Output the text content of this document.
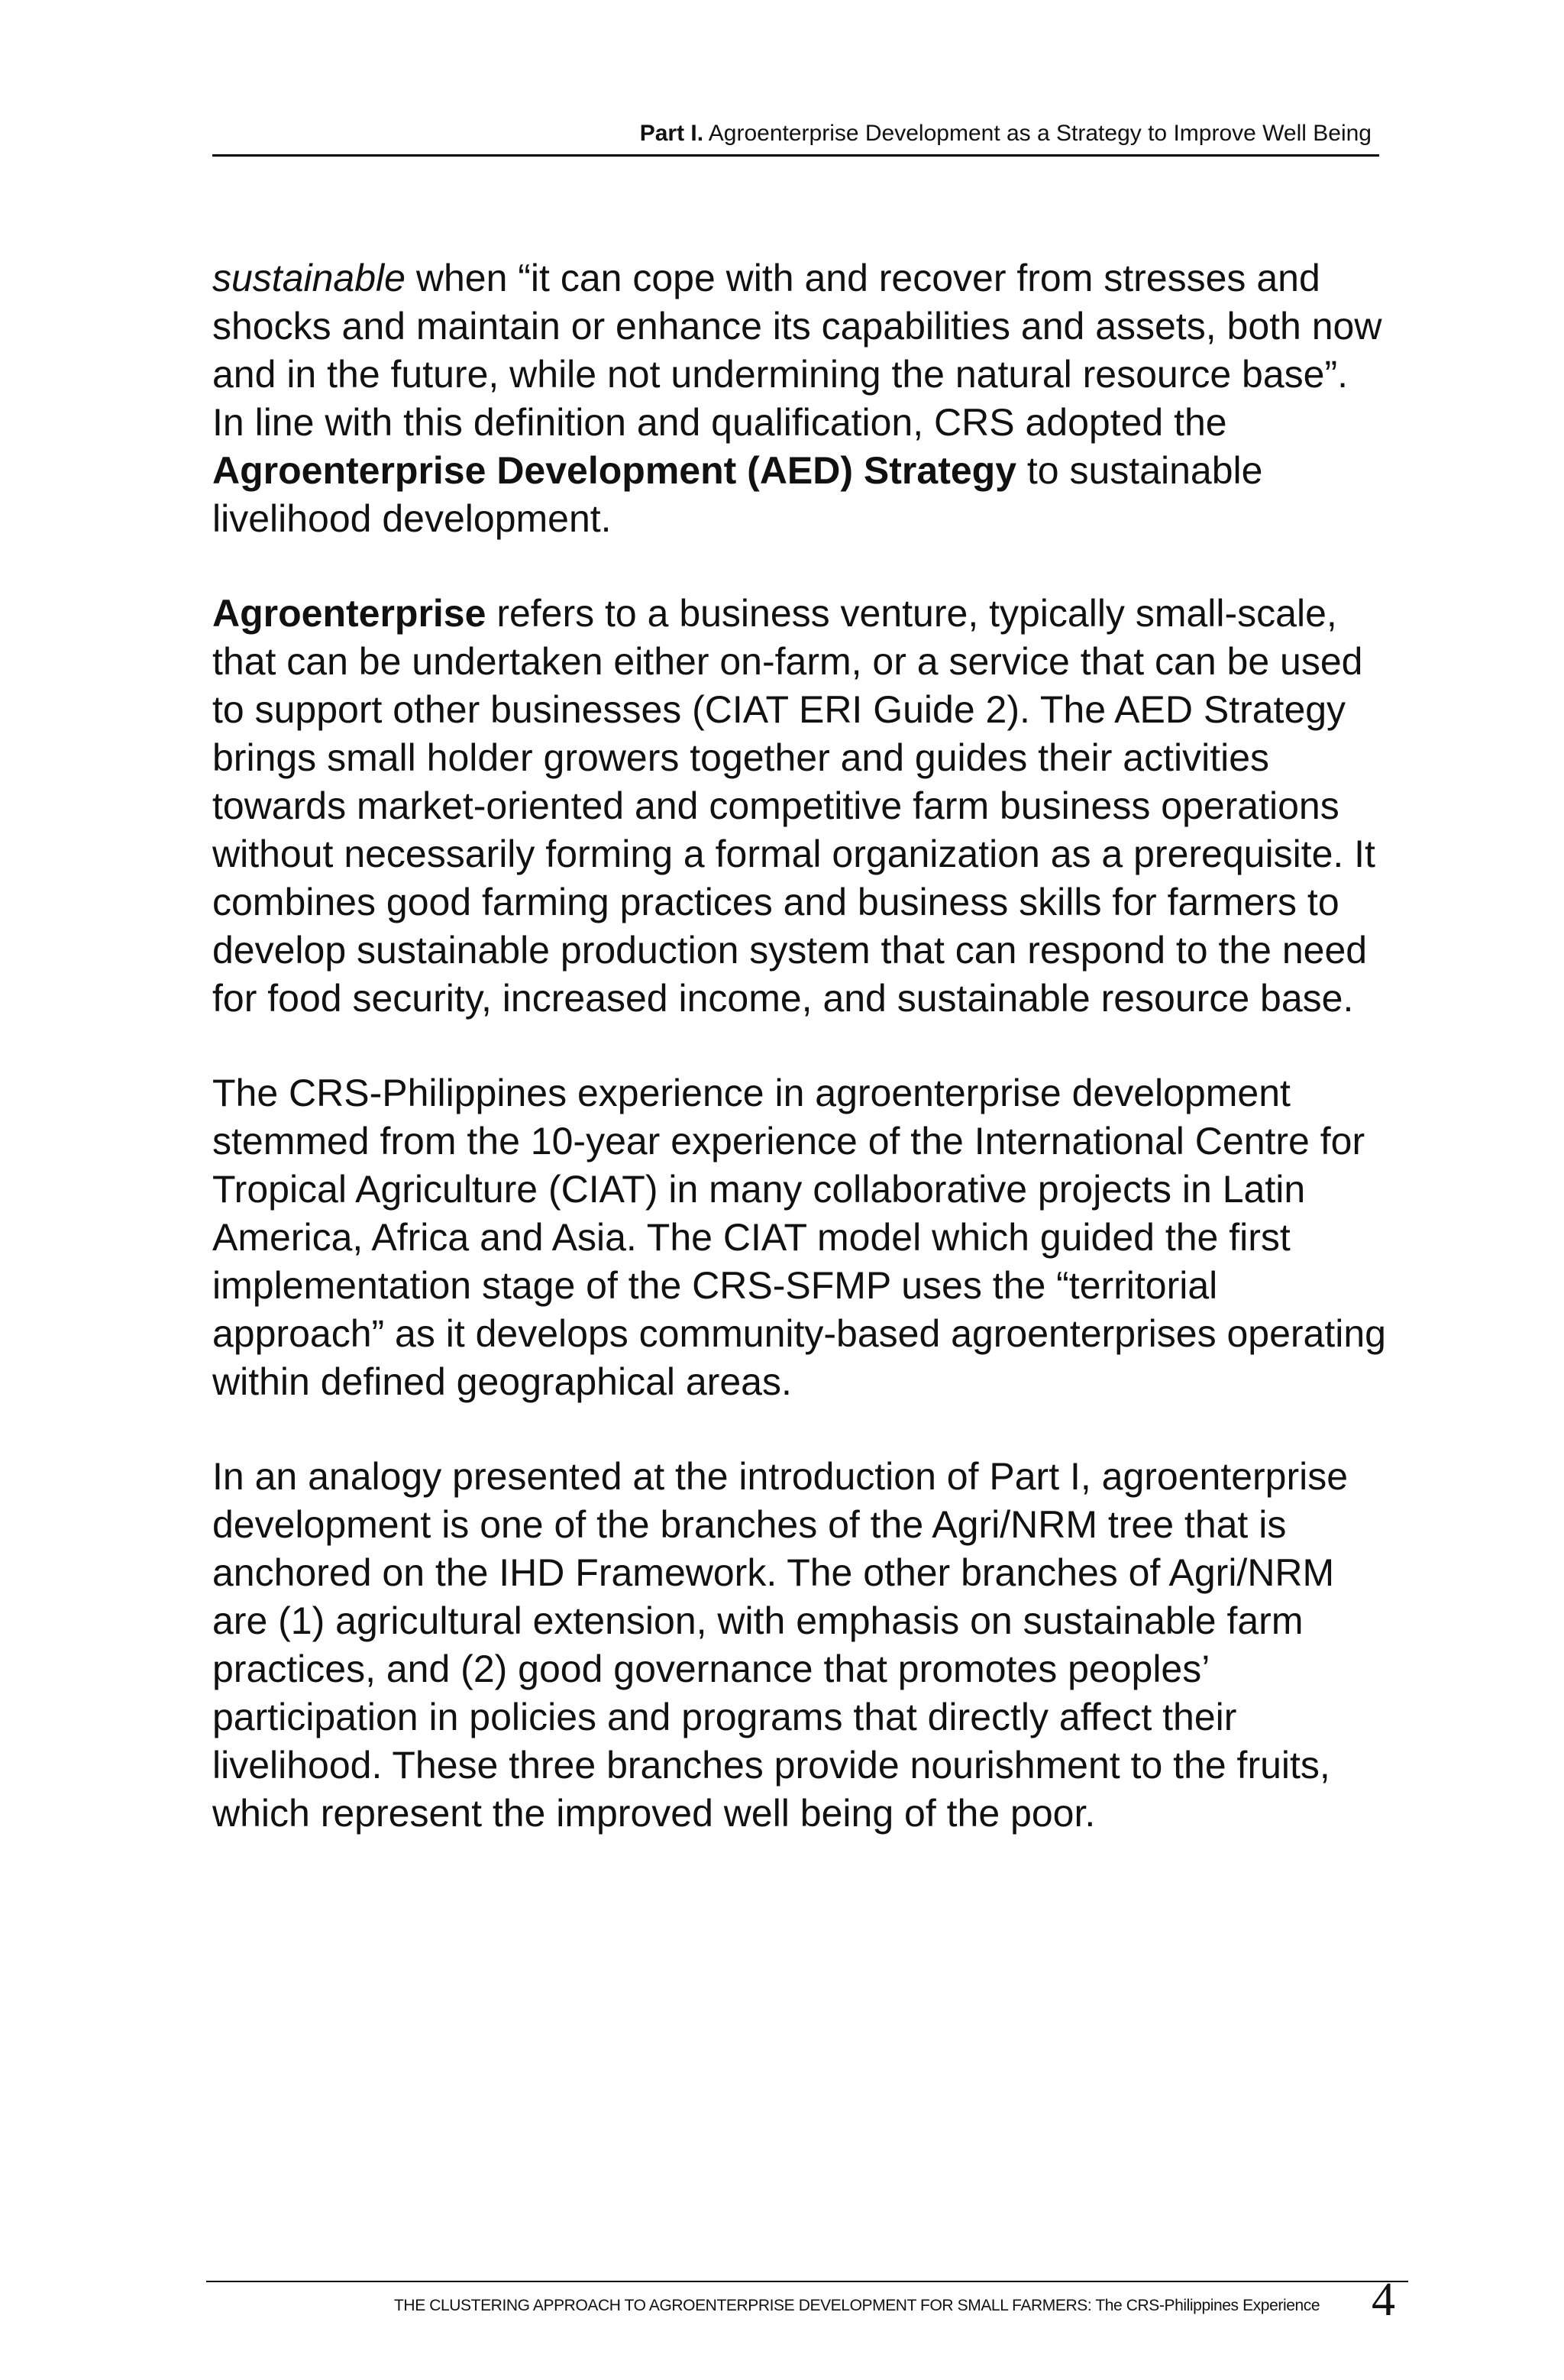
Part I. Agroenterprise Development as a Strategy to Improve Well Being

sustainable when “it can cope with and recover from stresses and shocks and maintain or enhance its capabilities and assets, both now and in the future, while not undermining the natural resource base”. In line with this definition and qualification, CRS adopted the Agroenterprise Development (AED) Strategy to sustainable livelihood development.

Agroenterprise refers to a business venture, typically small-scale, that can be undertaken either on-farm, or a service that can be used to support other businesses (CIAT ERI Guide 2). The AED Strategy brings small holder growers together and guides their activities towards market-oriented and competitive farm business operations without necessarily forming a formal organization as a prerequisite. It combines good farming practices and business skills for farmers to develop sustainable production system that can respond to the need for food security, increased income, and sustainable resource base.

The CRS-Philippines experience in agroenterprise development stemmed from the 10-year experience of the International Centre for Tropical Agriculture (CIAT) in many collaborative projects in Latin America, Africa and Asia. The CIAT model which guided the first implementation stage of the CRS-SFMP uses the “territorial approach” as it develops community-based agroenterprises operating within defined geographical areas.

In an analogy presented at the introduction of Part I, agroenterprise development is one of the branches of the Agri/NRM tree that is anchored on the IHD Framework. The other branches of Agri/NRM are (1) agricultural extension, with emphasis on sustainable farm practices, and (2) good governance that promotes peoples’ participation in policies and programs that directly affect their livelihood. These three branches provide nourishment to the fruits, which represent the improved well being of the poor.

THE CLUSTERING APPROACH TO AGROENTERPRISE DEVELOPMENT FOR SMALL FARMERS: The CRS-Philippines Experience 4
